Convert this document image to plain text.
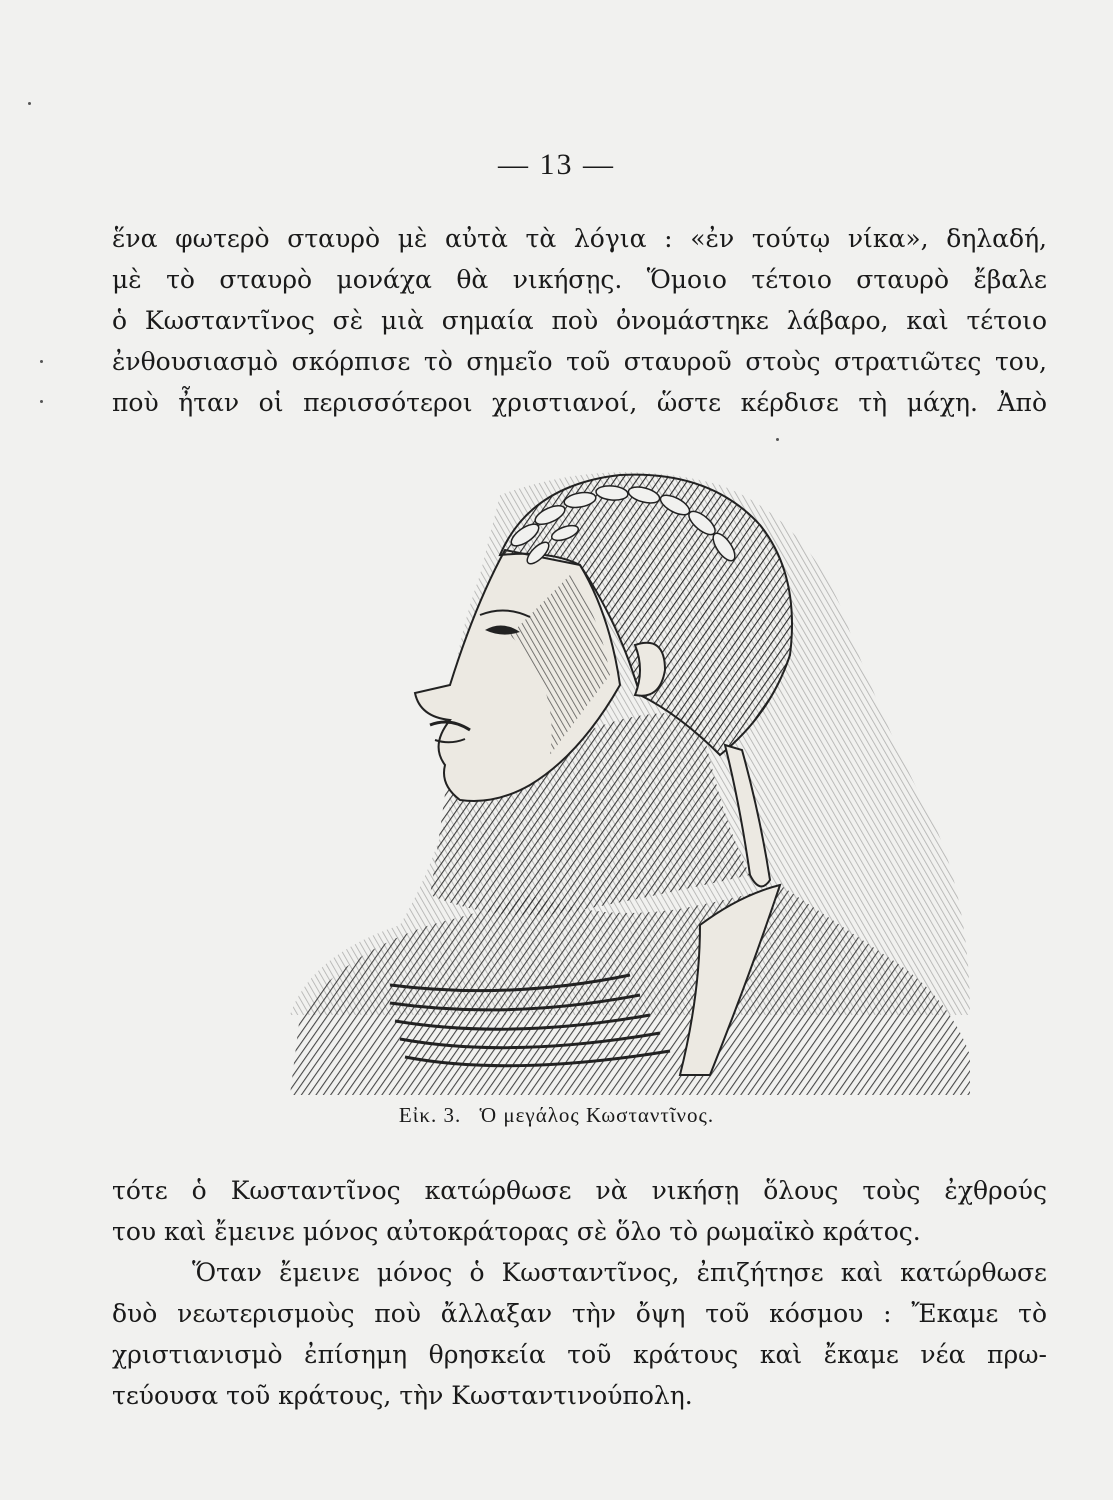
— 13 —
ἕνα φωτερὸ σταυρὸ μὲ αὐτὰ τὰ λόγια : «ἐν τούτῳ νίκα», δηλαδή,
μὲ τὸ σταυρὸ μονάχα θὰ νικήσῃς. Ὅμοιο τέτοιο σταυρὸ ἔβαλε
ὁ Κωσταντῖνος σὲ μιὰ σημαία ποὺ ὀνομάστηκε λάβαρο, καὶ τέτοιο
ἐνθουσιασμὸ σκόρπισε τὸ σημεῖο τοῦ σταυροῦ στοὺς στρατιῶτες του,
ποὺ ἦταν οἱ περισσότεροι χριστιανοί, ὥστε κέρδισε τὴ μάχη. Ἀπὸ
Εἰκ. 3. Ὁ μεγάλος Κωσταντῖνος.
τότε ὁ Κωσταντῖνος κατώρθωσε νὰ νικήσῃ ὅλους τοὺς ἐχθρούς
του καὶ ἔμεινε μόνος αὐτοκράτορας σὲ ὅλο τὸ ρωμαϊκὸ κράτος.
Ὅταν ἔμεινε μόνος ὁ Κωσταντῖνος, ἐπιζήτησε καὶ κατώρθωσε
δυὸ νεωτερισμοὺς ποὺ ἄλλαξαν τὴν ὄψη τοῦ κόσμου : Ἔκαμε τὸ
χριστιανισμὸ ἐπίσημη θρησκεία τοῦ κράτους καὶ ἔκαμε νέα πρω-
τεύουσα τοῦ κράτους, τὴν Κωσταντινούπολη.
